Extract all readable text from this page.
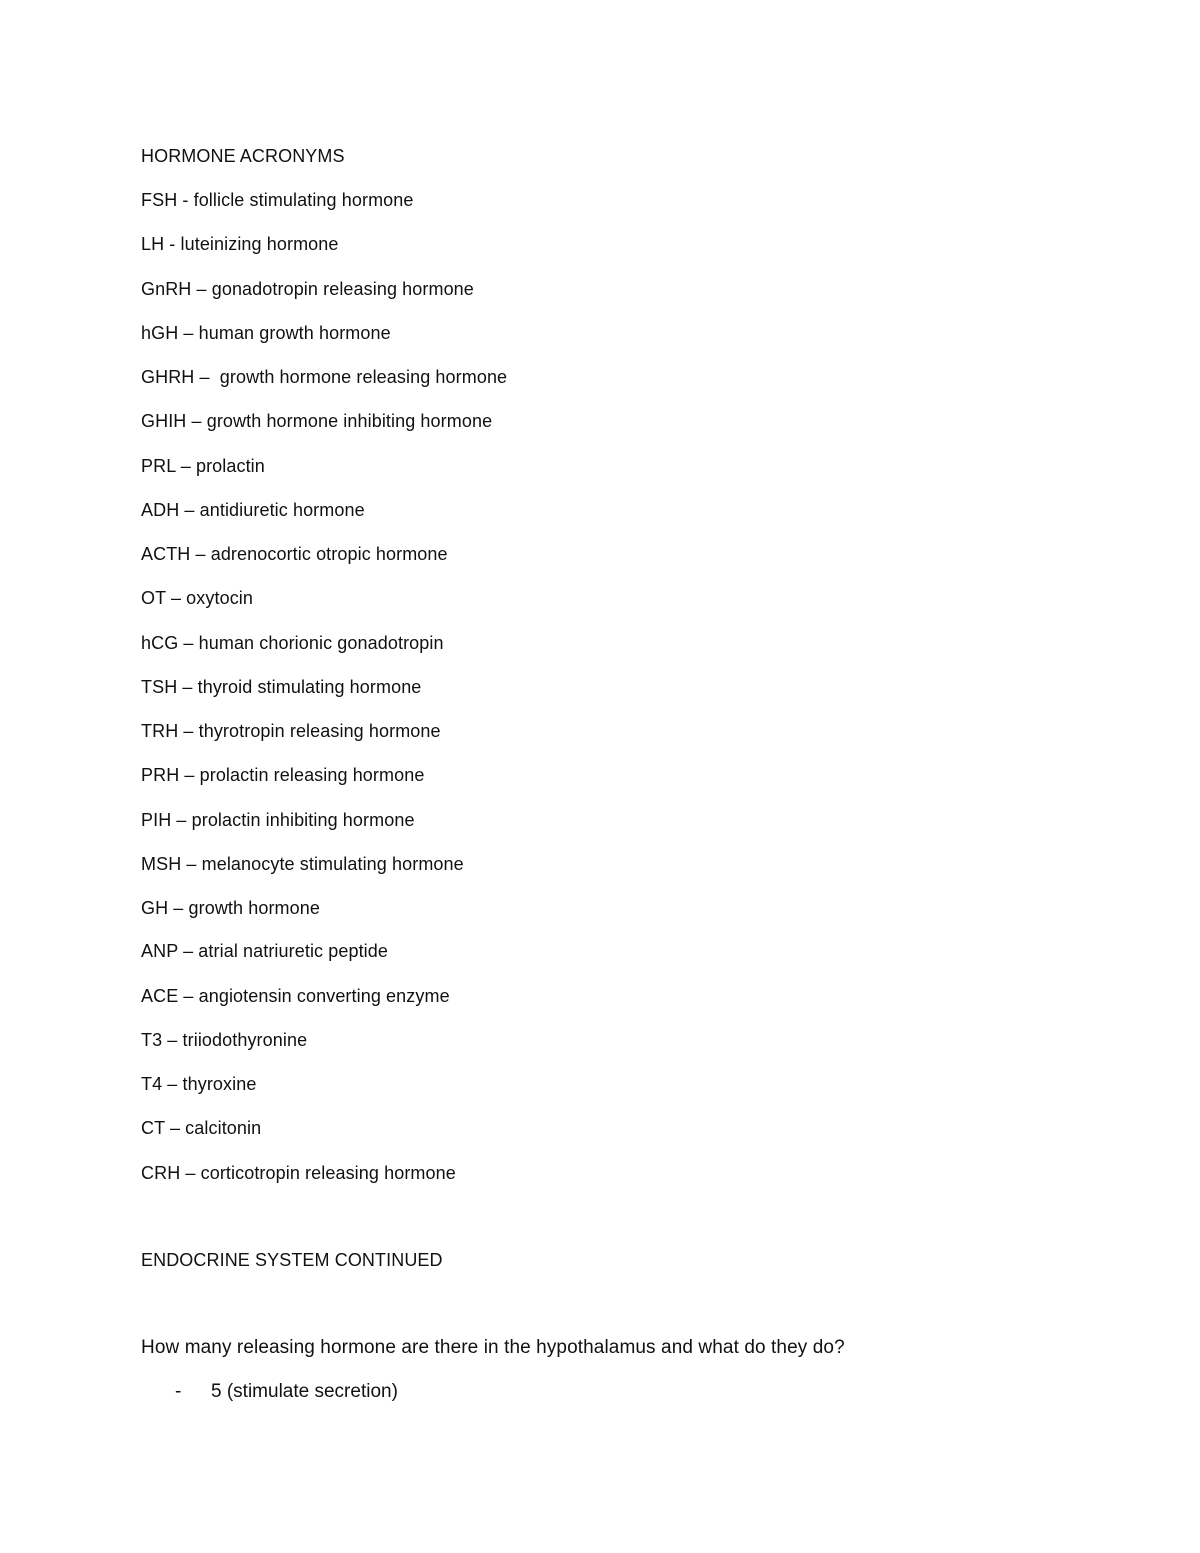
HORMONE ACRONYMS
FSH - follicle stimulating hormone
LH - luteinizing hormone
GnRH – gonadotropin releasing hormone
hGH – human growth hormone
GHRH –  growth hormone releasing hormone
GHIH – growth hormone inhibiting hormone
PRL – prolactin
ADH – antidiuretic hormone
ACTH – adrenocortic otropic hormone
OT – oxytocin
hCG – human chorionic gonadotropin
TSH – thyroid stimulating hormone
TRH – thyrotropin releasing hormone
PRH – prolactin releasing hormone
PIH – prolactin inhibiting hormone
MSH – melanocyte stimulating hormone
GH – growth hormone
ANP – atrial natriuretic peptide
ACE – angiotensin converting enzyme
T3 – triiodothyronine
T4 – thyroxine
CT – calcitonin
CRH – corticotropin releasing hormone
ENDOCRINE SYSTEM CONTINUED
How many releasing hormone are there in the hypothalamus and what do they do?
- 5 (stimulate secretion)
